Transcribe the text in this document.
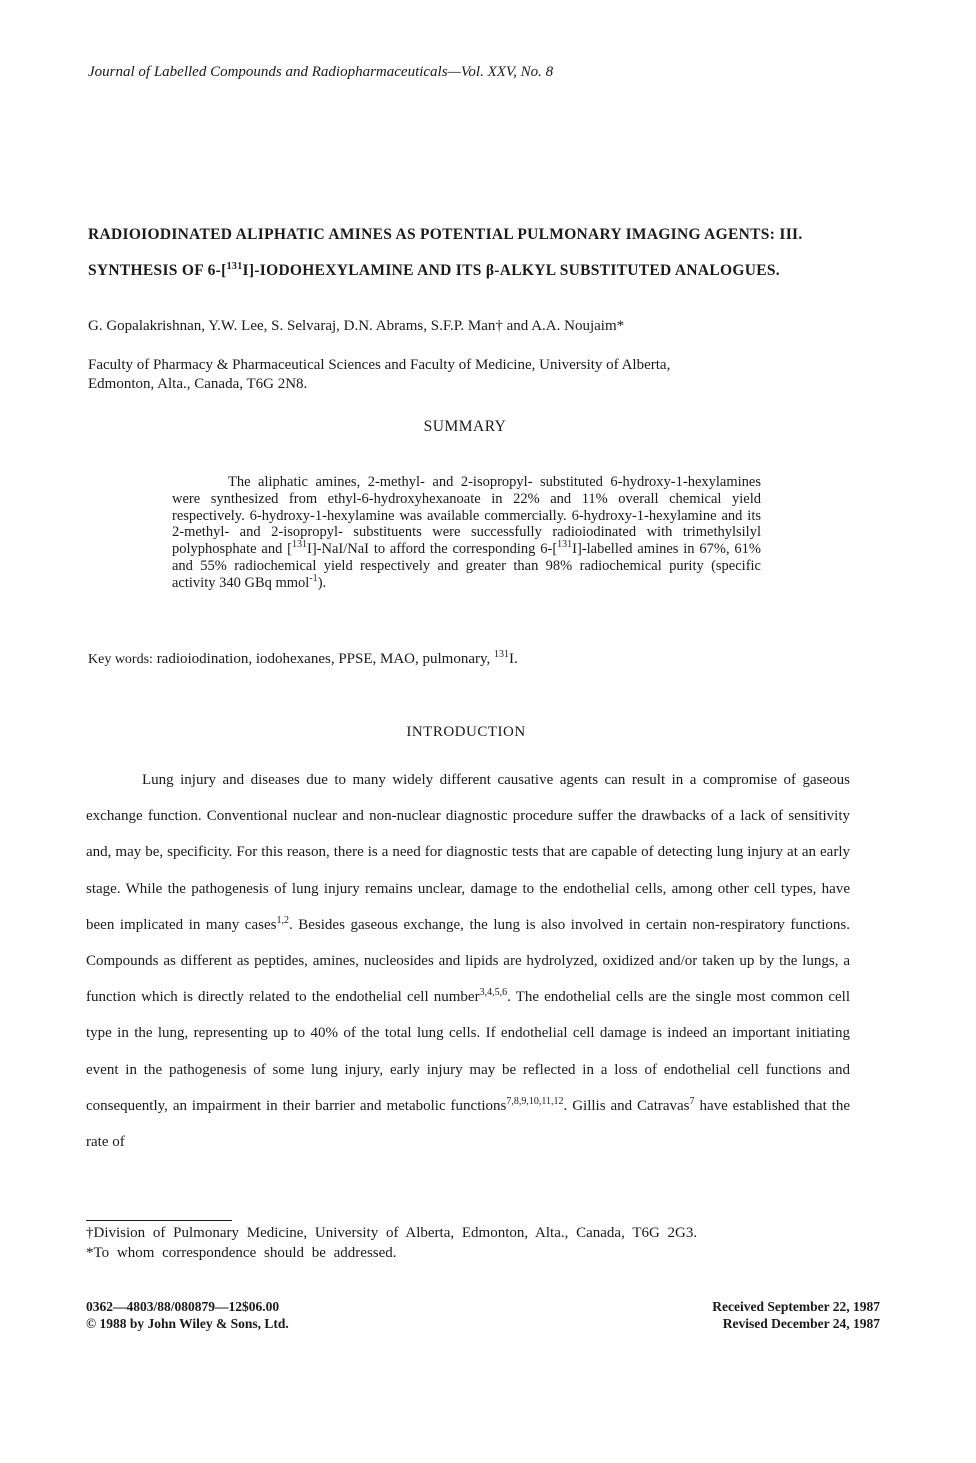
Journal of Labelled Compounds and Radiopharmaceuticals—Vol. XXV, No. 8
RADIOIODINATED ALIPHATIC AMINES AS POTENTIAL PULMONARY IMAGING AGENTS: III.
SYNTHESIS OF 6-[$^{131}$I]-IODOHEXYLAMINE AND ITS β-ALKYL SUBSTITUTED ANALOGUES.
G. Gopalakrishnan, Y.W. Lee, S. Selvaraj, D.N. Abrams, S.F.P. Man† and A.A. Noujaim*
Faculty of Pharmacy & Pharmaceutical Sciences and Faculty of Medicine, University of Alberta,
Edmonton, Alta., Canada, T6G 2N8.
SUMMARY
The aliphatic amines, 2-methyl- and 2-isopropyl- substituted 6-hydroxy-1-hexylamines were synthesized from ethyl-6-hydroxyhexanoate in 22% and 11% overall chemical yield respectively. 6-hydroxy-1-hexylamine was available commercially. 6-hydroxy-1-hexylamine and its 2-methyl- and 2-isopropyl- substituents were successfully radioiodinated with trimethylsilyl polyphosphate and [$^{131}$I]-NaI/NaI to afford the corresponding 6-[$^{131}$I]-labelled amines in 67%, 61% and 55% radiochemical yield respectively and greater than 98% radiochemical purity (specific activity 340 GBq mmol$^{-1}$).
Key words: radioiodination, iodohexanes, PPSE, MAO, pulmonary, $^{131}$I.
INTRODUCTION

Lung injury and diseases due to many widely different causative agents can result in a compromise of gaseous exchange function. Conventional nuclear and non-nuclear diagnostic procedure suffer the drawbacks of a lack of sensitivity and, may be, specificity. For this reason, there is a need for diagnostic tests that are capable of detecting lung injury at an early stage. While the pathogenesis of lung injury remains unclear, damage to the endothelial cells, among other cell types, have been implicated in many cases$^{1,2}$. Besides gaseous exchange, the lung is also involved in certain non-respiratory functions. Compounds as different as peptides, amines, nucleosides and lipids are hydrolyzed, oxidized and/or taken up by the lungs, a function which is directly related to the endothelial cell number$^{3,4,5,6}$. The endothelial cells are the single most common cell type in the lung, representing up to 40% of the total lung cells. If endothelial cell damage is indeed an important initiating event in the pathogenesis of some lung injury, early injury may be reflected in a loss of endothelial cell functions and consequently, an impairment in their barrier and metabolic functions$^{7,8,9,10,11,12}$. Gillis and Catravas$^7$ have established that the rate of

†Division of Pulmonary Medicine, University of Alberta, Edmonton, Alta., Canada, T6G 2G3.
*To whom correspondence should be addressed.
0362—4803/88/080879—12$06.00
© 1988 by John Wiley & Sons, Ltd.
Received September 22, 1987
Revised December 24, 1987
